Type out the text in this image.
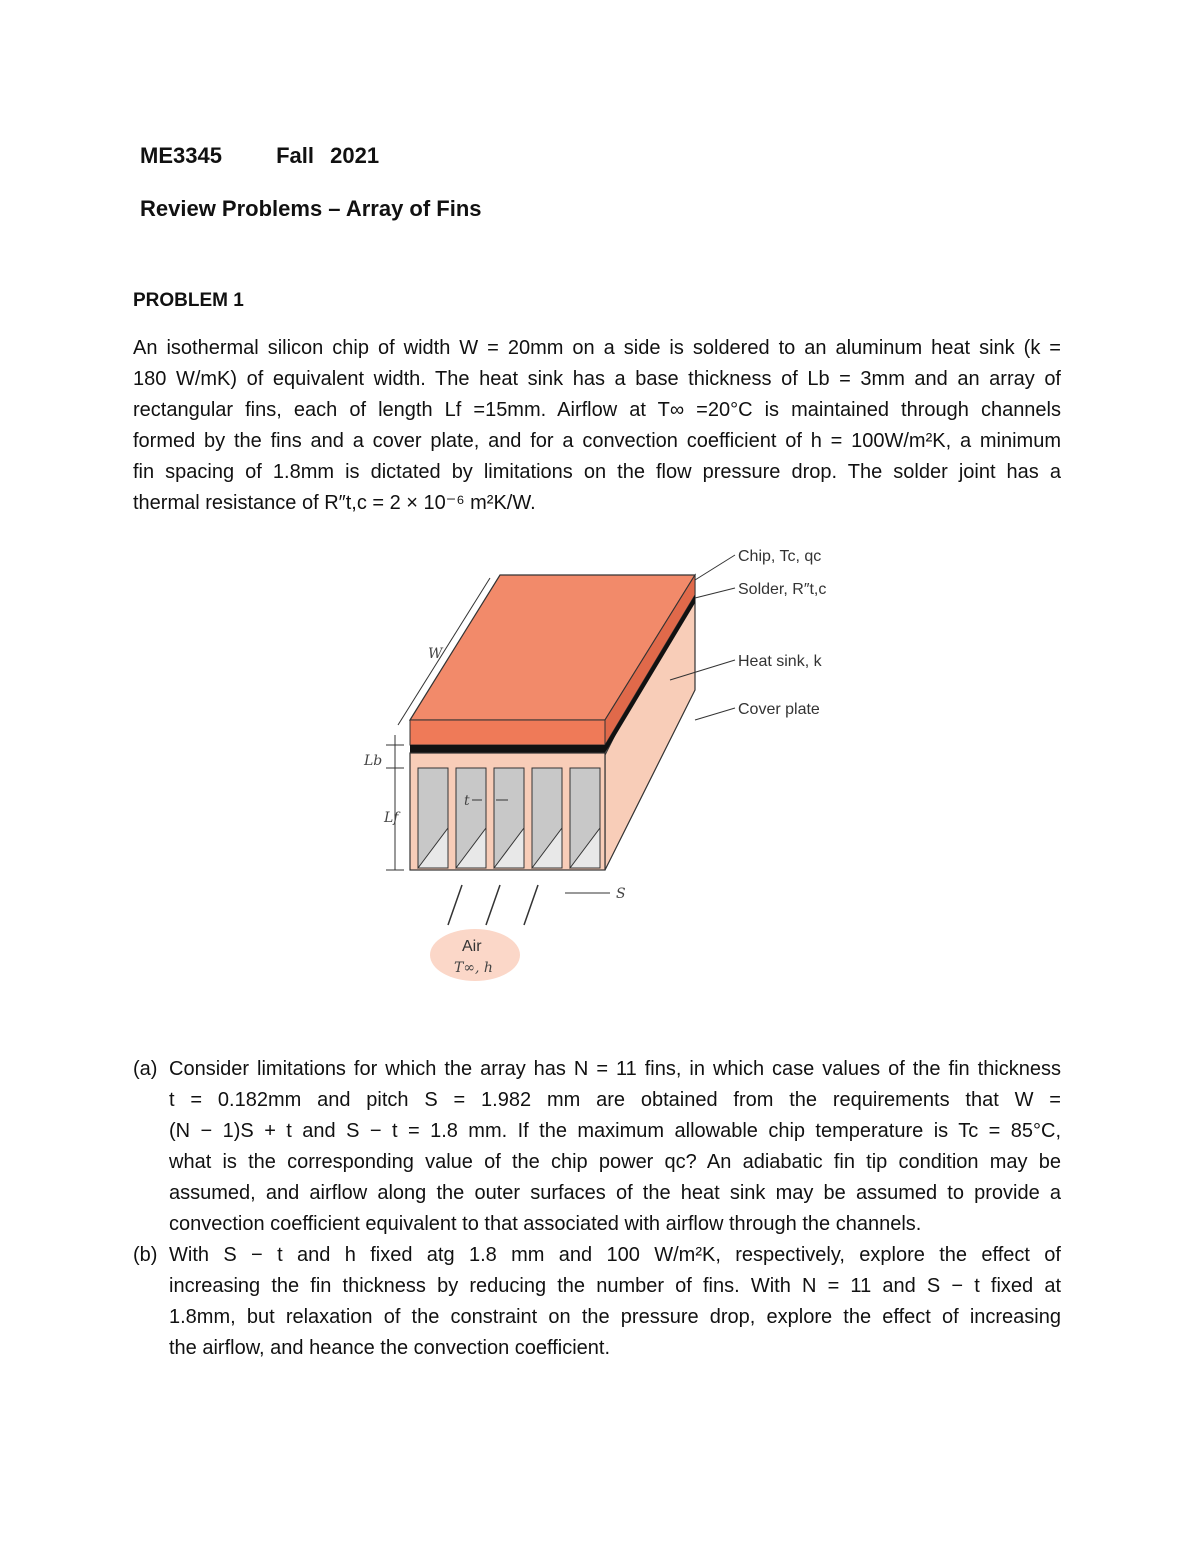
ME3345 Fall 2021
Review Problems – Array of Fins
PROBLEM 1
An isothermal silicon chip of width W = 20mm on a side is soldered to an aluminum heat sink (k =
180 W/mK) of equivalent width. The heat sink has a base thickness of Lb = 3mm and an array of
rectangular fins, each of length Lf =15mm. Airflow at T∞ =20°C is maintained through channels
formed by the fins and a cover plate, and for a convection coefficient of h = 100W/m²K, a minimum
fin spacing of 1.8mm is dictated by limitations on the flow pressure drop. The solder joint has a
thermal resistance of R″t,c = 2 × 10⁻⁶ m²K/W.
W
Lb
Lf
t
S
Air
T∞, h
Chip, Tc, qc
Solder, R″t,c
Heat sink, k
Cover plate
(a) Consider limitations for which the array has N = 11 fins, in which case values of the fin thickness
t = 0.182mm and pitch S = 1.982 mm are obtained from the requirements that W =
(N − 1)S + t and S − t = 1.8 mm. If the maximum allowable chip temperature is Tc = 85°C,
what is the corresponding value of the chip power qc? An adiabatic fin tip condition may be
assumed, and airflow along the outer surfaces of the heat sink may be assumed to provide a
convection coefficient equivalent to that associated with airflow through the channels.
(b) With S − t and h fixed atg 1.8 mm and 100 W/m²K, respectively, explore the effect of
increasing the fin thickness by reducing the number of fins. With N = 11 and S − t fixed at
1.8mm, but relaxation of the constraint on the pressure drop, explore the effect of increasing
the airflow, and heance the convection coefficient.
